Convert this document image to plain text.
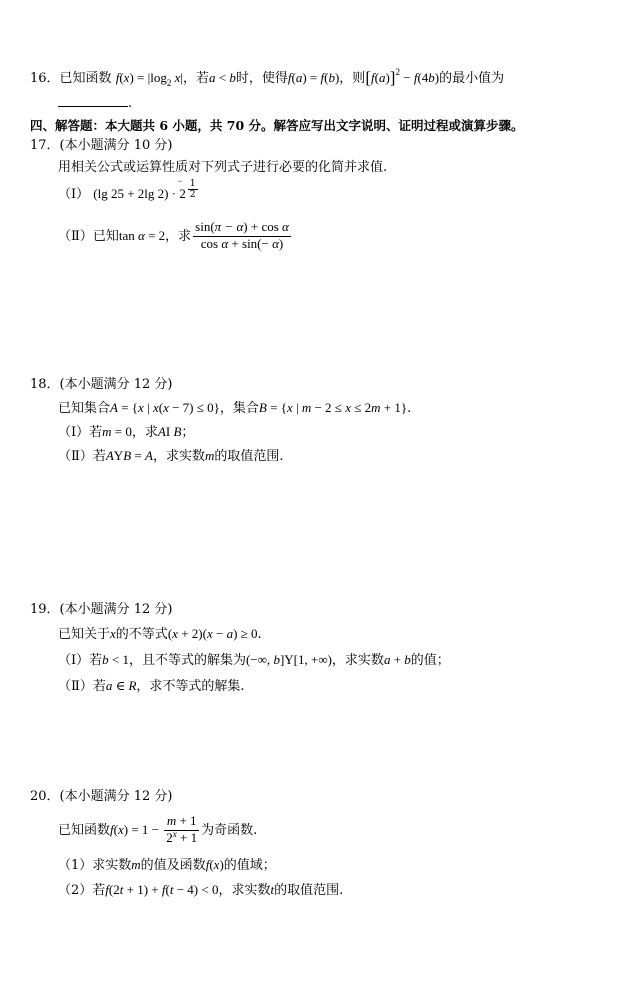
16．已知函数 $f(x) = |\log_2$ x|，若a < b时，使得f(a) = f(b)，则$[f(a)]^2 - f(4b)$的最小值为
.
四、解答题：本大题共 6 小题，共 70 分。解答应写出文字说明、证明过程或演算步骤。
17．(本小题满分 10 分)
用相关公式或运算性质对下列式子进行必要的化简并求值.
（Ⅰ） (lg 25 + 2lg 2) · 2 $^{\frac{1}{2}}$
−
（Ⅱ）已知tan α = 2，求 $\frac{\text{sin(π − α) + cos α}}{\text{cos α + sin(− α)}}$
18．(本小题满分 12 分)
已知集合A = {x | x(x − 7) ≤ 0}，集合B = {x | m − 2 ≤ x ≤ 2m + 1}.
（Ⅰ）若m = 0，求AI B；
（Ⅱ）若AYB = A，求实数m的取值范围.
19．(本小题满分 12 分)
已知关于x的不等式(x + 2)(x − a) ≥ 0.
（Ⅰ）若b < 1，且不等式的解集为(−∞, b]Y[1, +∞)，求实数a + b的值；
（Ⅱ）若a ∈ R，求不等式的解集.
20．(本小题满分 12 分)
已知函数$f(x) = 1 - \frac{m + 1}{2^x + 1}$ 为奇函数.
（1）求实数m的值及函数f(x)的值域；
（2）若f(2t + 1) + f(t − 4) < 0，求实数t的取值范围.
